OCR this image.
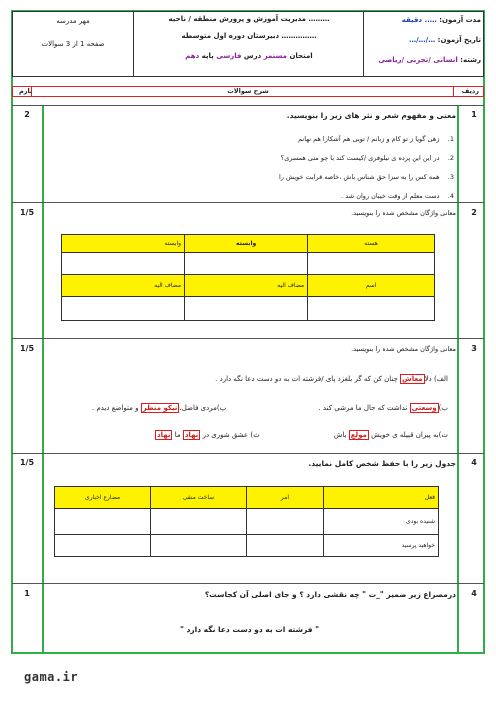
مهر مدرسه
صفحه 1 از 3 سوالات
مدیریت آموزش و پرورش منطقه / ناحیه ………
دبیرستان دوره اول متوسطه ……………
امتحان مستمر درس فارسی پایه دهم
مدت آزمون: ….. دقیقه
تاریخ آزمون: …/…/…
رشته: انسانی /تجربی /ریاضی
ردیف
شرح سوالات
بارم
1
2	معنی و مفهوم شعر و نثر های زیر را بنویسید.
1.    زهی گویا ز تو کام و زبانم / تویی هم آشکارا هم نهانم
2.    در این این پرده ی نیلوفری /کیست کند با چو منی همسری؟
3.    همه کس را به سزا حق شناس باش ،خاصه قرابت خویش را
4.    دست معلم از وقت خیبان روان شد .
2
1/5	معانی واژگان مشخص شده را بنویسید.
وابسته	وابسته	هسته

مضاف الیه	مضاف الیه	اسم

3
1/5	معانی واژگان مشخص شده را بنویسید.
الف) دلامعاش چنان کن که گر بلغزد پای /فرشته ات به دو دست دعا نگه دارد .
ب)وسعتی نداشت که حال ما مرشی کند .
پ)مردی فاضل،نیکو منظر و متواضع دیدم .
ت)به پیران قبیله ی خویش مولع باش
ث) عشق شوری در نهاد ما نهاد
4
1/5	جدول زیر را با حفظ شخص کامل نمایید.
مضارع اخباری	ساخت منفی	امر	فعل
			شنیده بودی
			خواهید پرسید
4
1	درمصراع زیر ضمیر "_ت " چه نقشی دارد ؟ و جای اصلی آن کجاست؟
" فرشته ات به دو دست دعا نگه دارد "
gama.ir
